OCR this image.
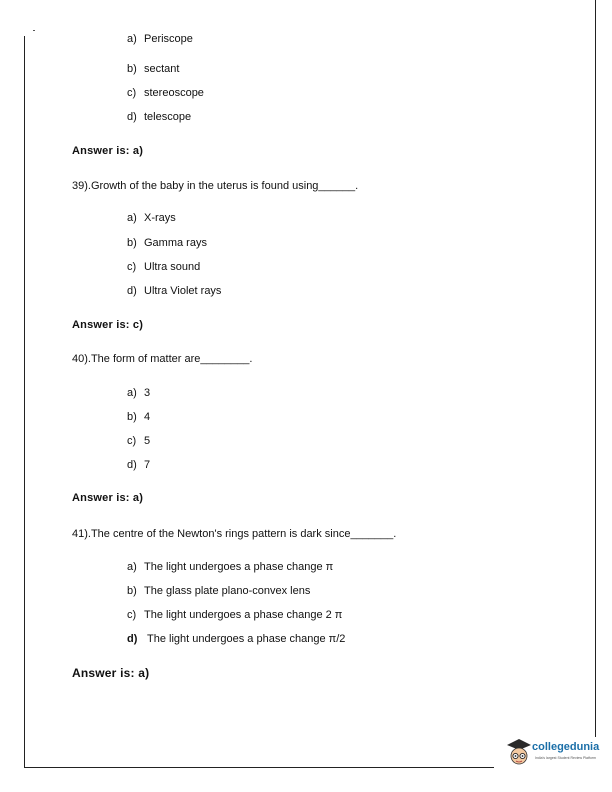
a) Periscope
b) sectant
c) stereoscope
d) telescope
Answer is: a)
39).Growth of the baby in the uterus is found using______.
a) X-rays
b) Gamma rays
c) Ultra sound
d) Ultra Violet rays
Answer is: c)
40).The form of matter are________.
a) 3
b) 4
c) 5
d) 7
Answer is: a)
41).The centre of the Newton's rings pattern is dark since_______.
a) The light undergoes a phase change π
b) The glass plate plano-convex lens
c) The light undergoes a phase change 2 π
d) The light undergoes a phase change π/2
Answer is: a)
collegedunia
India's largest Student Review Platform
